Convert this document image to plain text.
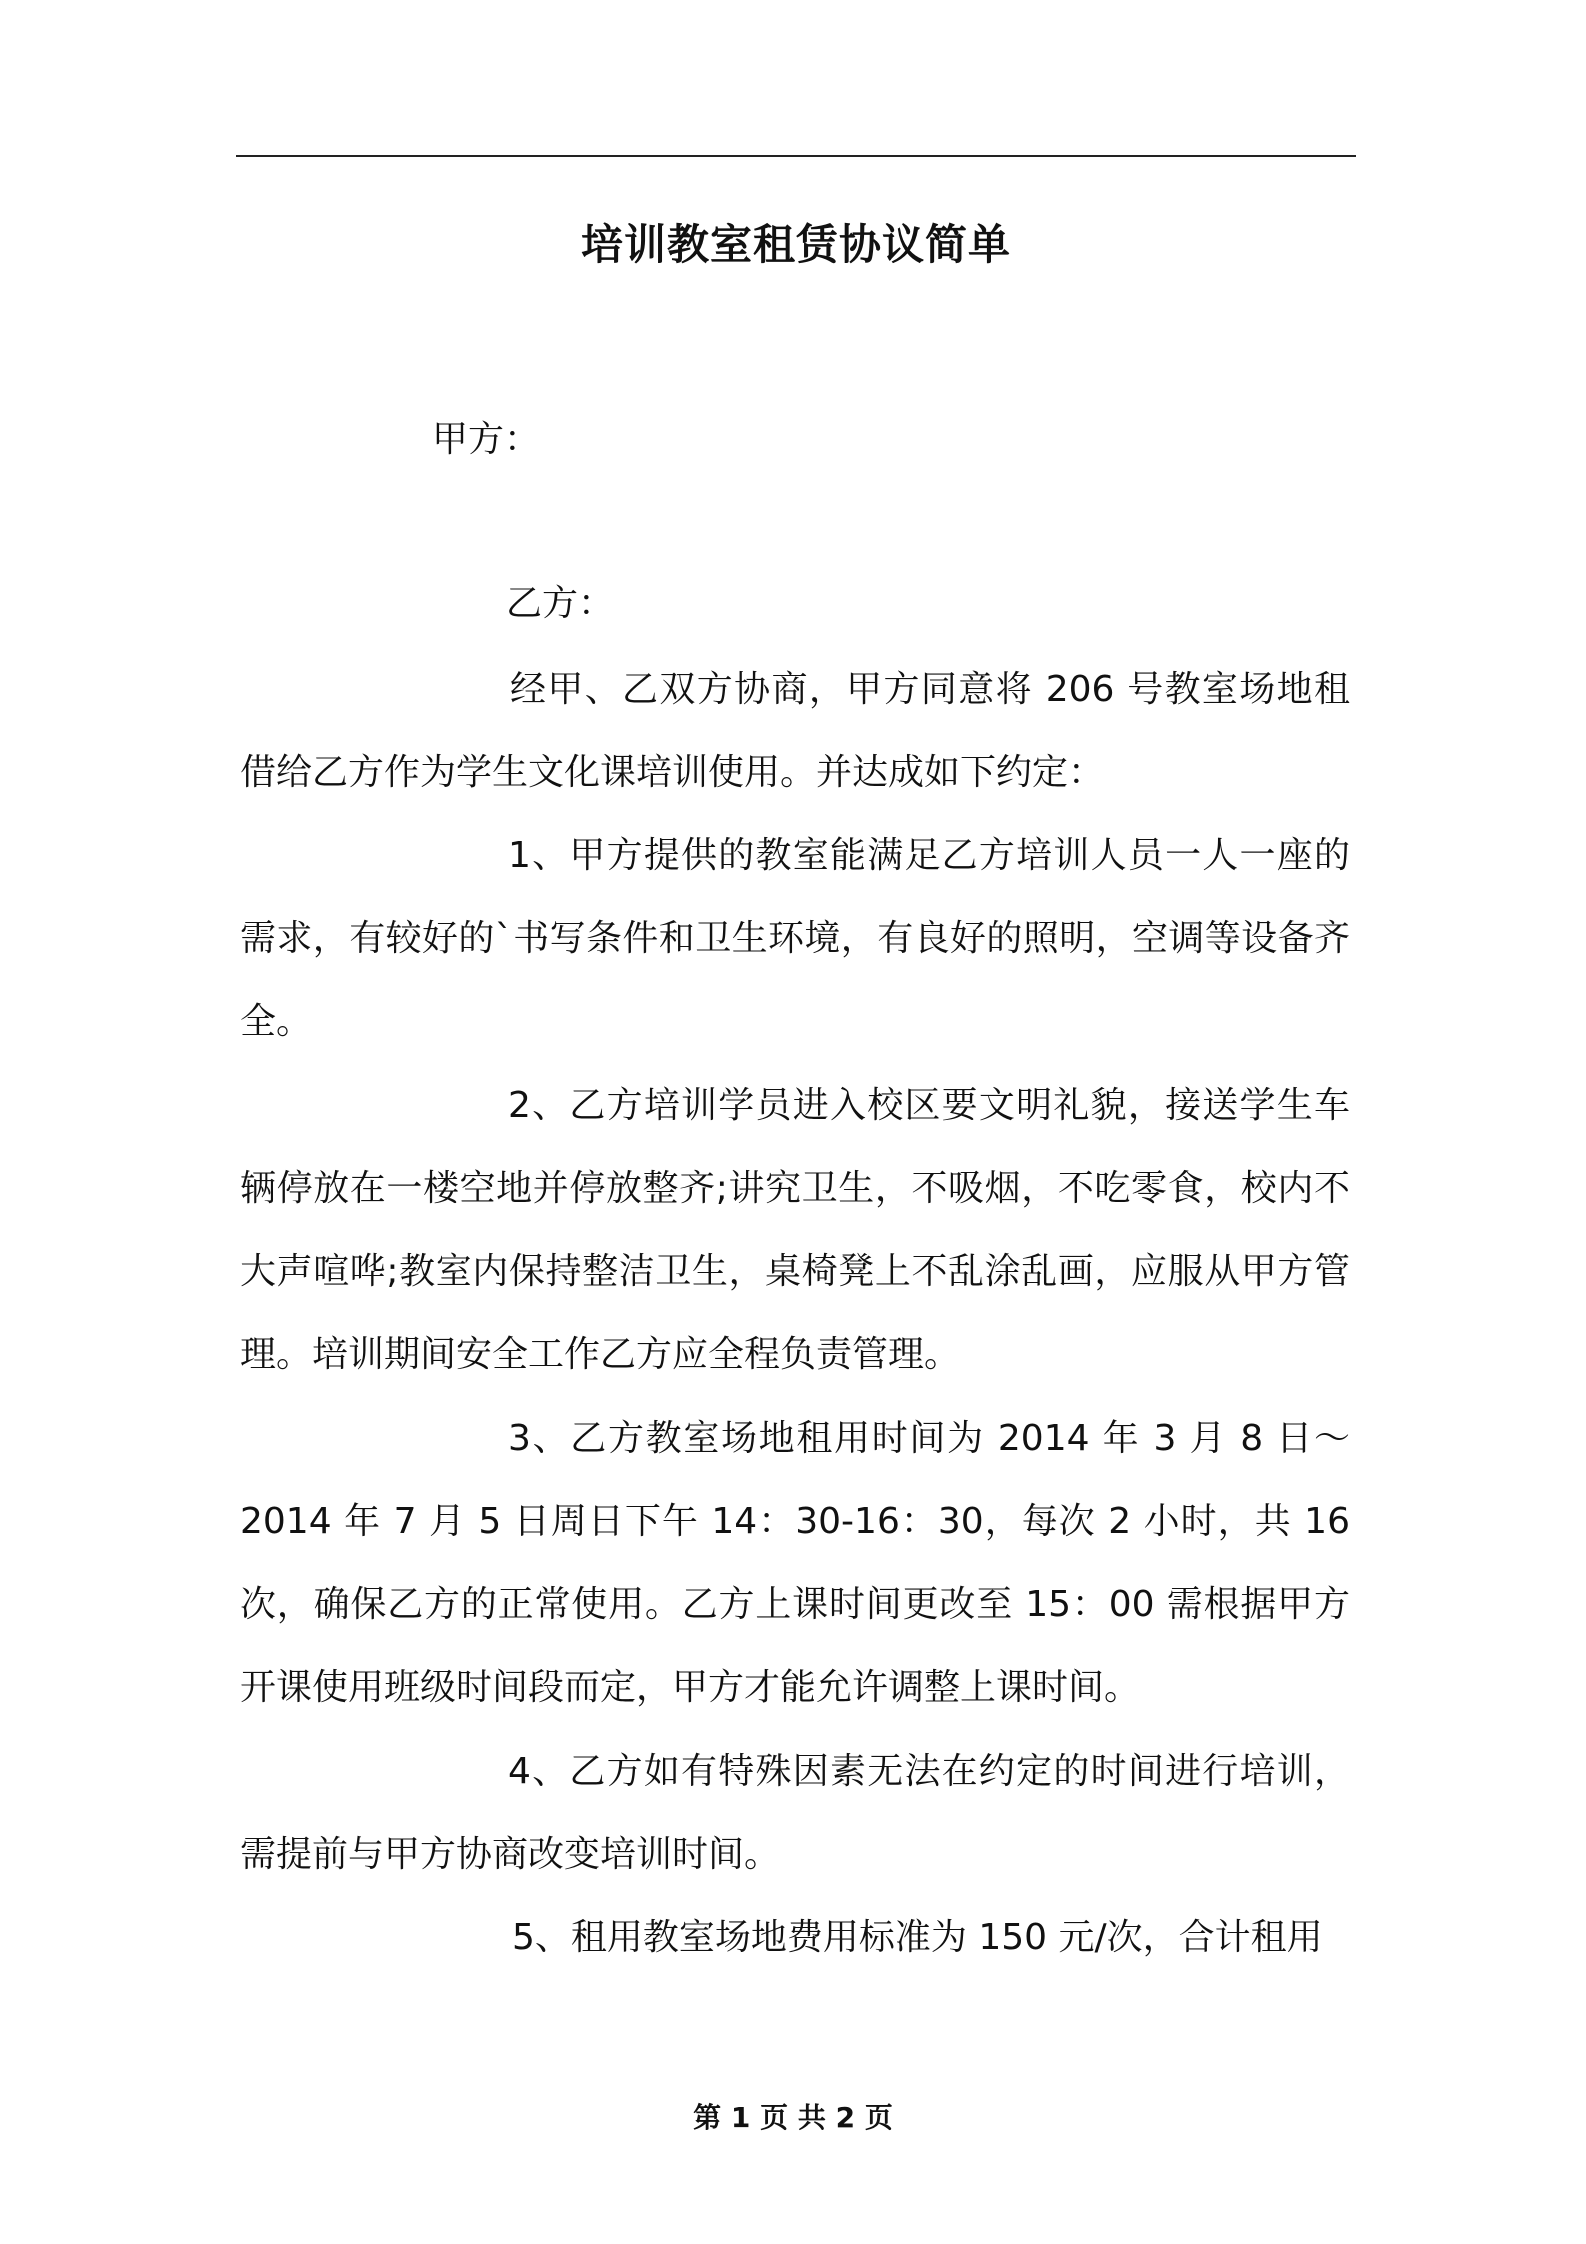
培训教室租赁协议简单
甲方：
乙方：
经甲、乙双方协商，甲方同意将 206 号教室场地租借给乙方作为学生文化课培训使用。并达成如下约定：
1、甲方提供的教室能满足乙方培训人员一人一座的需求，有较好的`书写条件和卫生环境，有良好的照明，空调等设备齐全。
2、乙方培训学员进入校区要文明礼貌，接送学生车辆停放在一楼空地并停放整齐;讲究卫生，不吸烟，不吃零食，校内不大声喧哗;教室内保持整洁卫生，桌椅凳上不乱涂乱画，应服从甲方管理。培训期间安全工作乙方应全程负责管理。
3、乙方教室场地租用时间为 2014 年 3 月 8 日～2014 年 7 月 5 日周日下午 14：30-16：30，每次 2 小时，共 16 次，确保乙方的正常使用。乙方上课时间更改至 15：00 需根据甲方开课使用班级时间段而定，甲方才能允许调整上课时间。
4、乙方如有特殊因素无法在约定的时间进行培训，需提前与甲方协商改变培训时间。
5、租用教室场地费用标准为 150 元/次，合计租用
第 1 页 共 2 页
